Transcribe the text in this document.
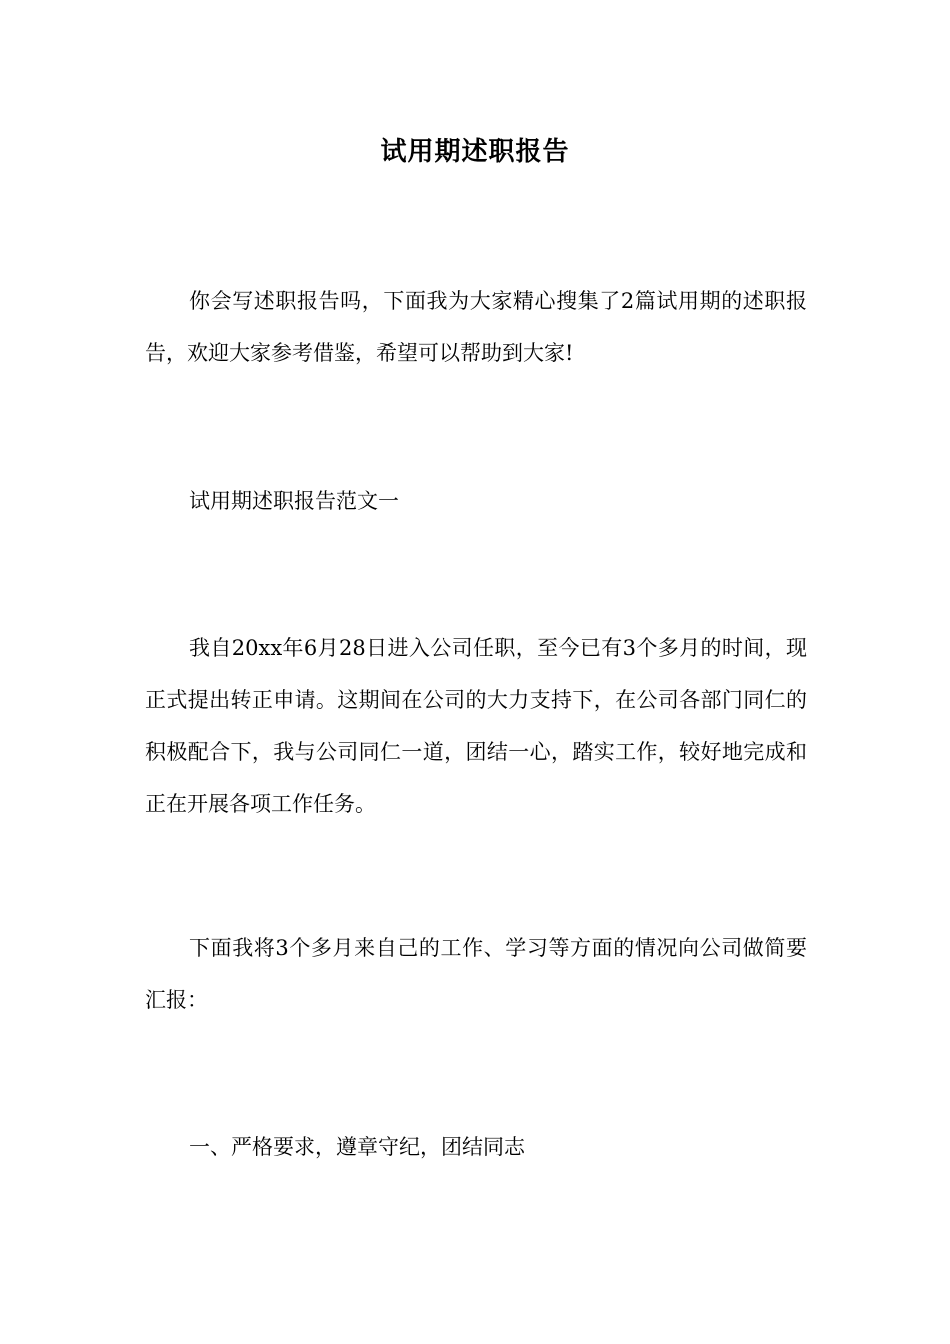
试用期述职报告

你会写述职报告吗，下面我为大家精心搜集了2篇试用期的述职报告，欢迎大家参考借鉴，希望可以帮助到大家!

试用期述职报告范文一

我自20xx年6月28日进入公司任职，至今已有3个多月的时间，现正式提出转正申请。这期间在公司的大力支持下，在公司各部门同仁的积极配合下，我与公司同仁一道，团结一心，踏实工作，较好地完成和正在开展各项工作任务。

下面我将3个多月来自己的工作、学习等方面的情况向公司做简要汇报：

一、严格要求，遵章守纪，团结同志
